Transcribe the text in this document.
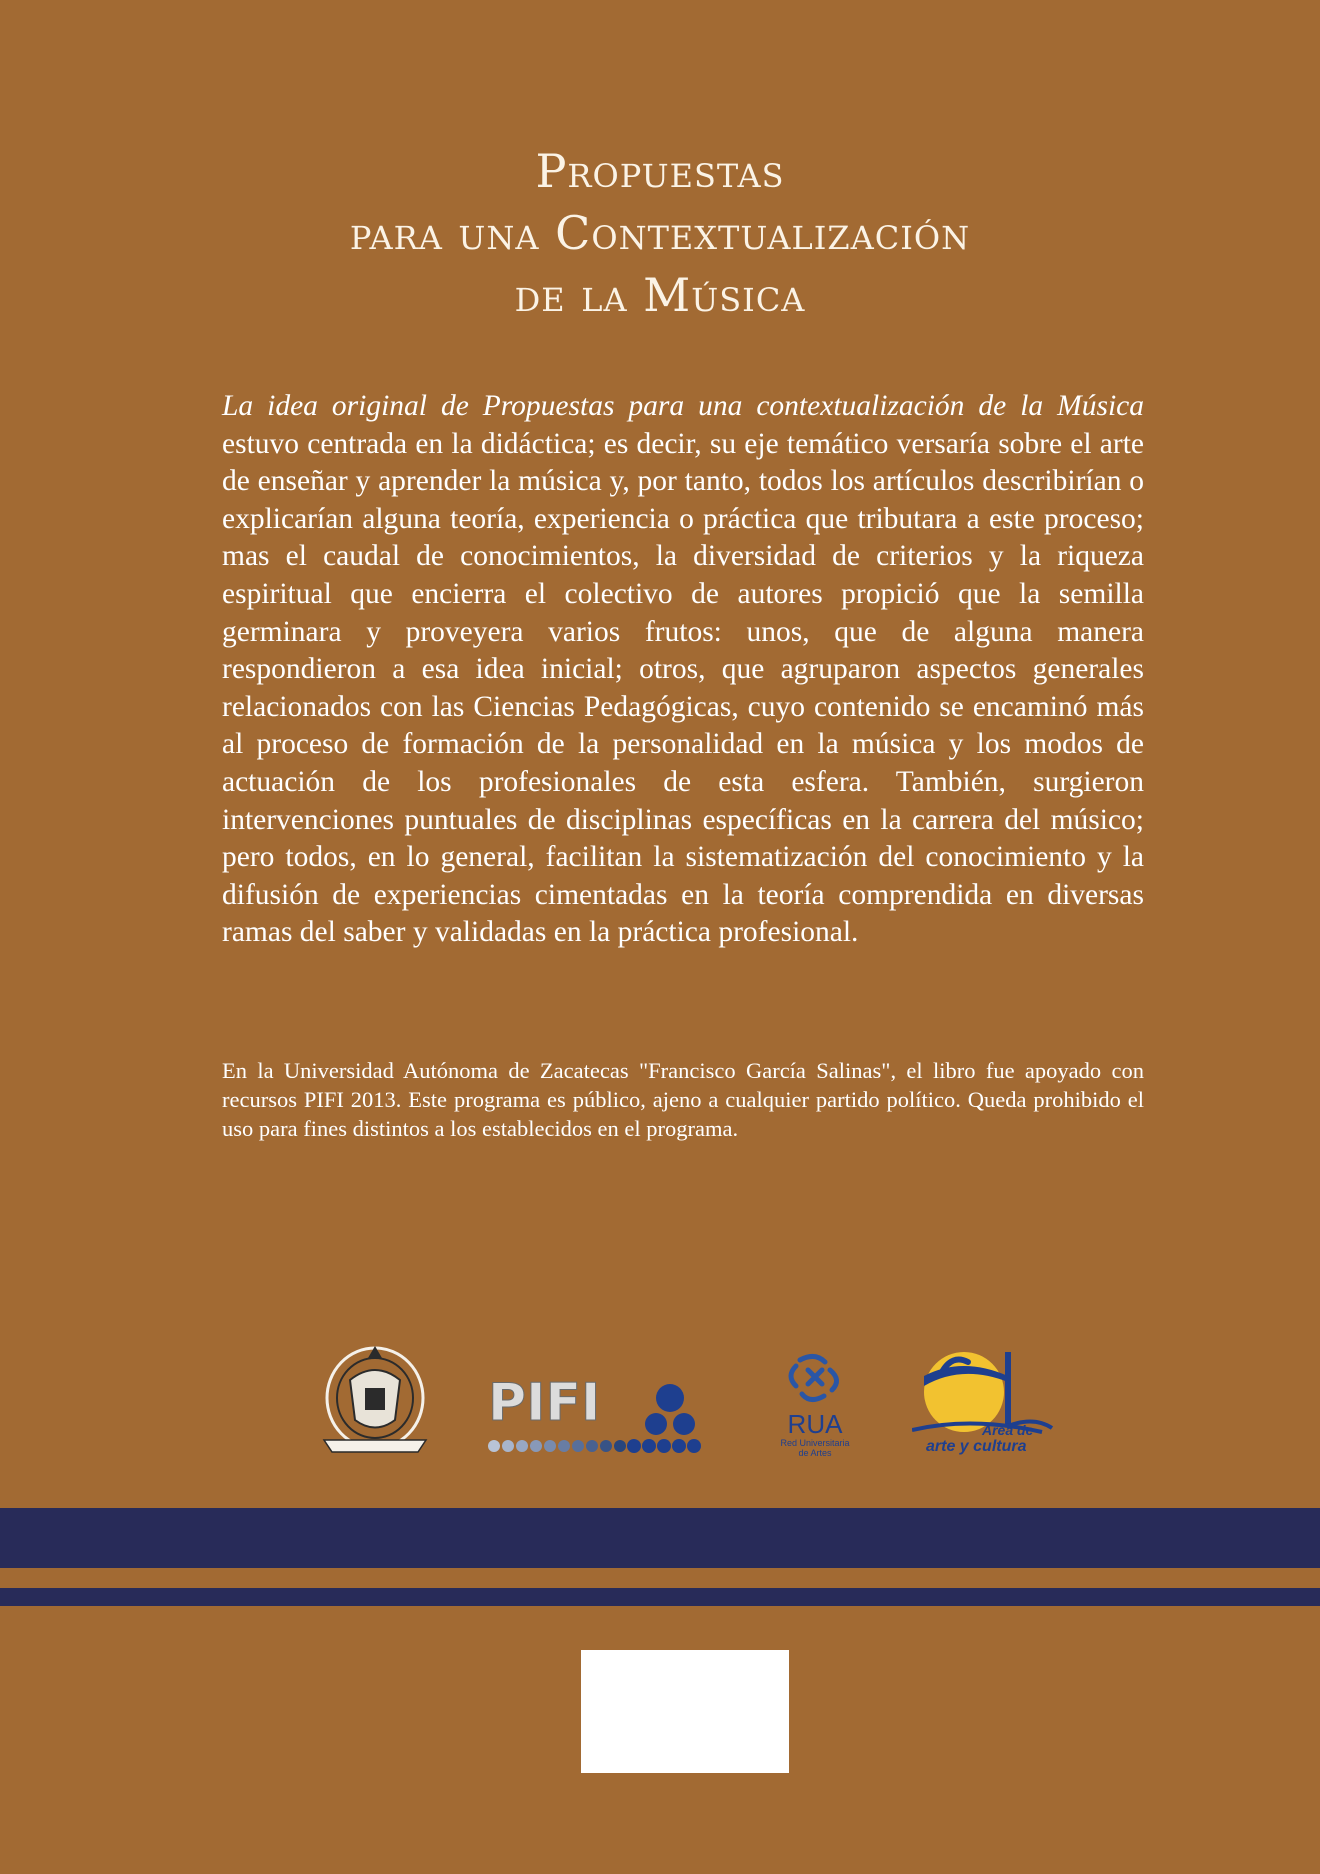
Propuestas
para una Contextualización
de la Música
La idea original de Propuestas para una contextualización de la Música estuvo centrada en la didáctica; es decir, su eje temático versaría sobre el arte de enseñar y aprender la música y, por tanto, todos los artículos describirían o explicarían alguna teoría, experiencia o práctica que tributara a este proceso; mas el caudal de conocimientos, la diversidad de criterios y la riqueza espiritual que encierra el colectivo de autores propició que la semilla germinara y proveyera varios frutos: unos, que de alguna manera respondieron a esa idea inicial; otros, que agruparon aspectos generales relacionados con las Ciencias Pedagógicas, cuyo contenido se encaminó más al proceso de formación de la personalidad en la música y los modos de actuación de los profesionales de esta esfera. También, surgieron intervenciones puntuales de disciplinas específicas en la carrera del músico; pero todos, en lo general, facilitan la sistematización del conocimiento y la difusión de experiencias cimentadas en la teoría comprendida en diversas ramas del saber y validadas en la práctica profesional.
En la Universidad Autónoma de Zacatecas "Francisco García Salinas", el libro fue apoyado con recursos PIFI 2013. Este programa es público, ajeno a cualquier partido político. Queda prohibido el uso para fines distintos a los establecidos en el programa.
PIFI	RUA
Red Universitaria de Artes
Área de
arte y cultura
